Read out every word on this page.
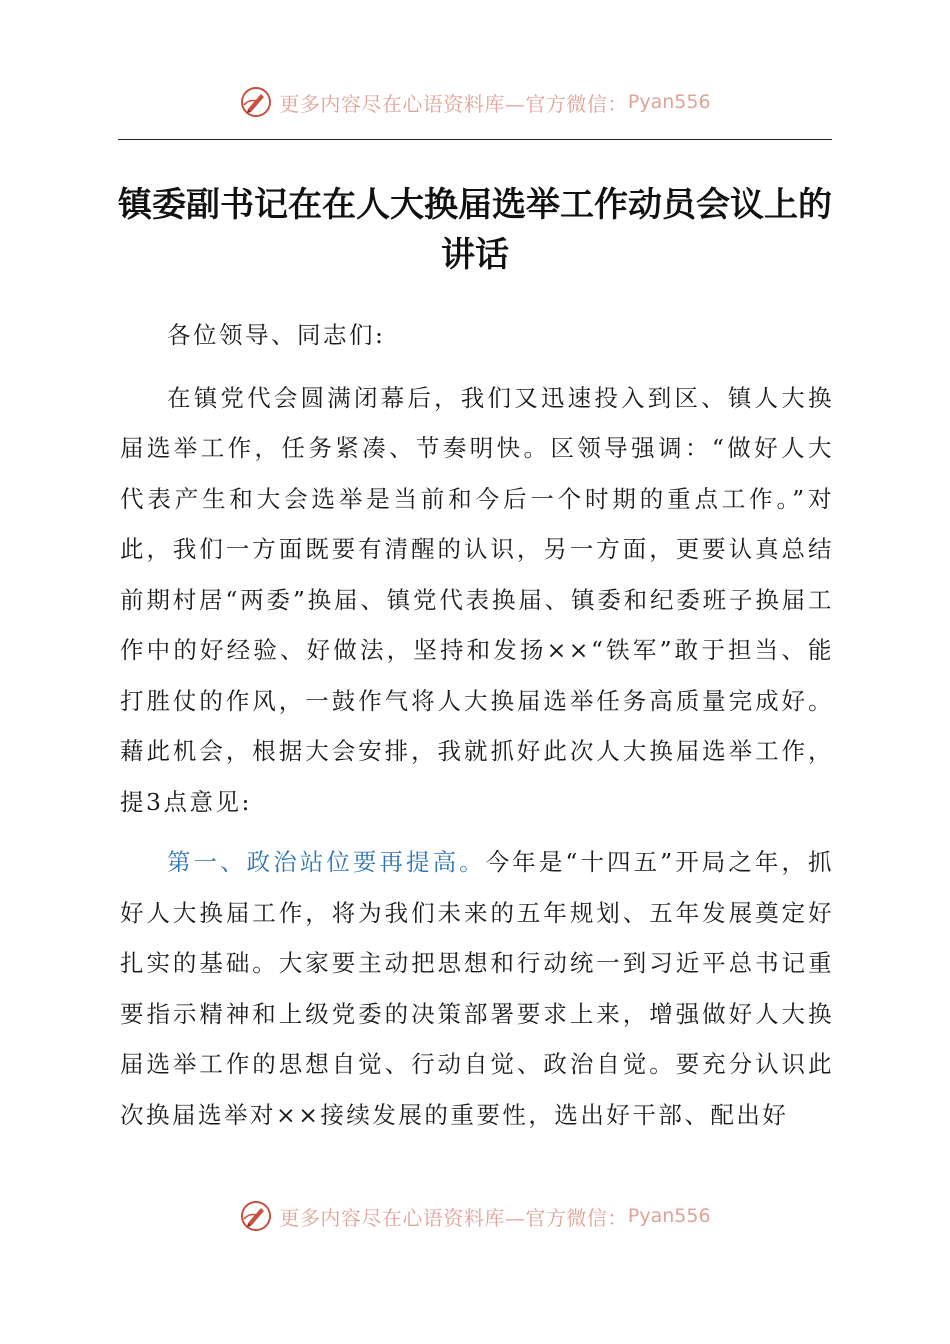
更多内容尽在心语资料库—官方微信： Pyan556
镇委副书记在在人大换届选举工作动员会议上的讲话

各位领导、同志们:

在镇党代会圆满闭幕后，我们又迅速投入到区、镇人大换届选举工作，任务紧凑、节奏明快。区领导强调：“做好人大代表产生和大会选举是当前和今后一个时期的重点工作。”对此，我们一方面既要有清醒的认识，另一方面，更要认真总结前期村居“两委”换届、镇党代表换届、镇委和纪委班子换届工作中的好经验、好做法，坚持和发扬××“铁军”敢于担当、能打胜仗的作风，一鼓作气将人大换届选举任务高质量完成好。藉此机会，根据大会安排，我就抓好此次人大换届选举工作，提3点意见:

第一、政治站位要再提高。今年是“十四五”开局之年，抓好人大换届工作，将为我们未来的五年规划、五年发展奠定好扎实的基础。大家要主动把思想和行动统一到习近平总书记重要指示精神和上级党委的决策部署要求上来，增强做好人大换届选举工作的思想自觉、行动自觉、政治自觉。要充分认识此次换届选举对××接续发展的重要性，选出好干部、配出好

更多内容尽在心语资料库—官方微信： Pyan556
